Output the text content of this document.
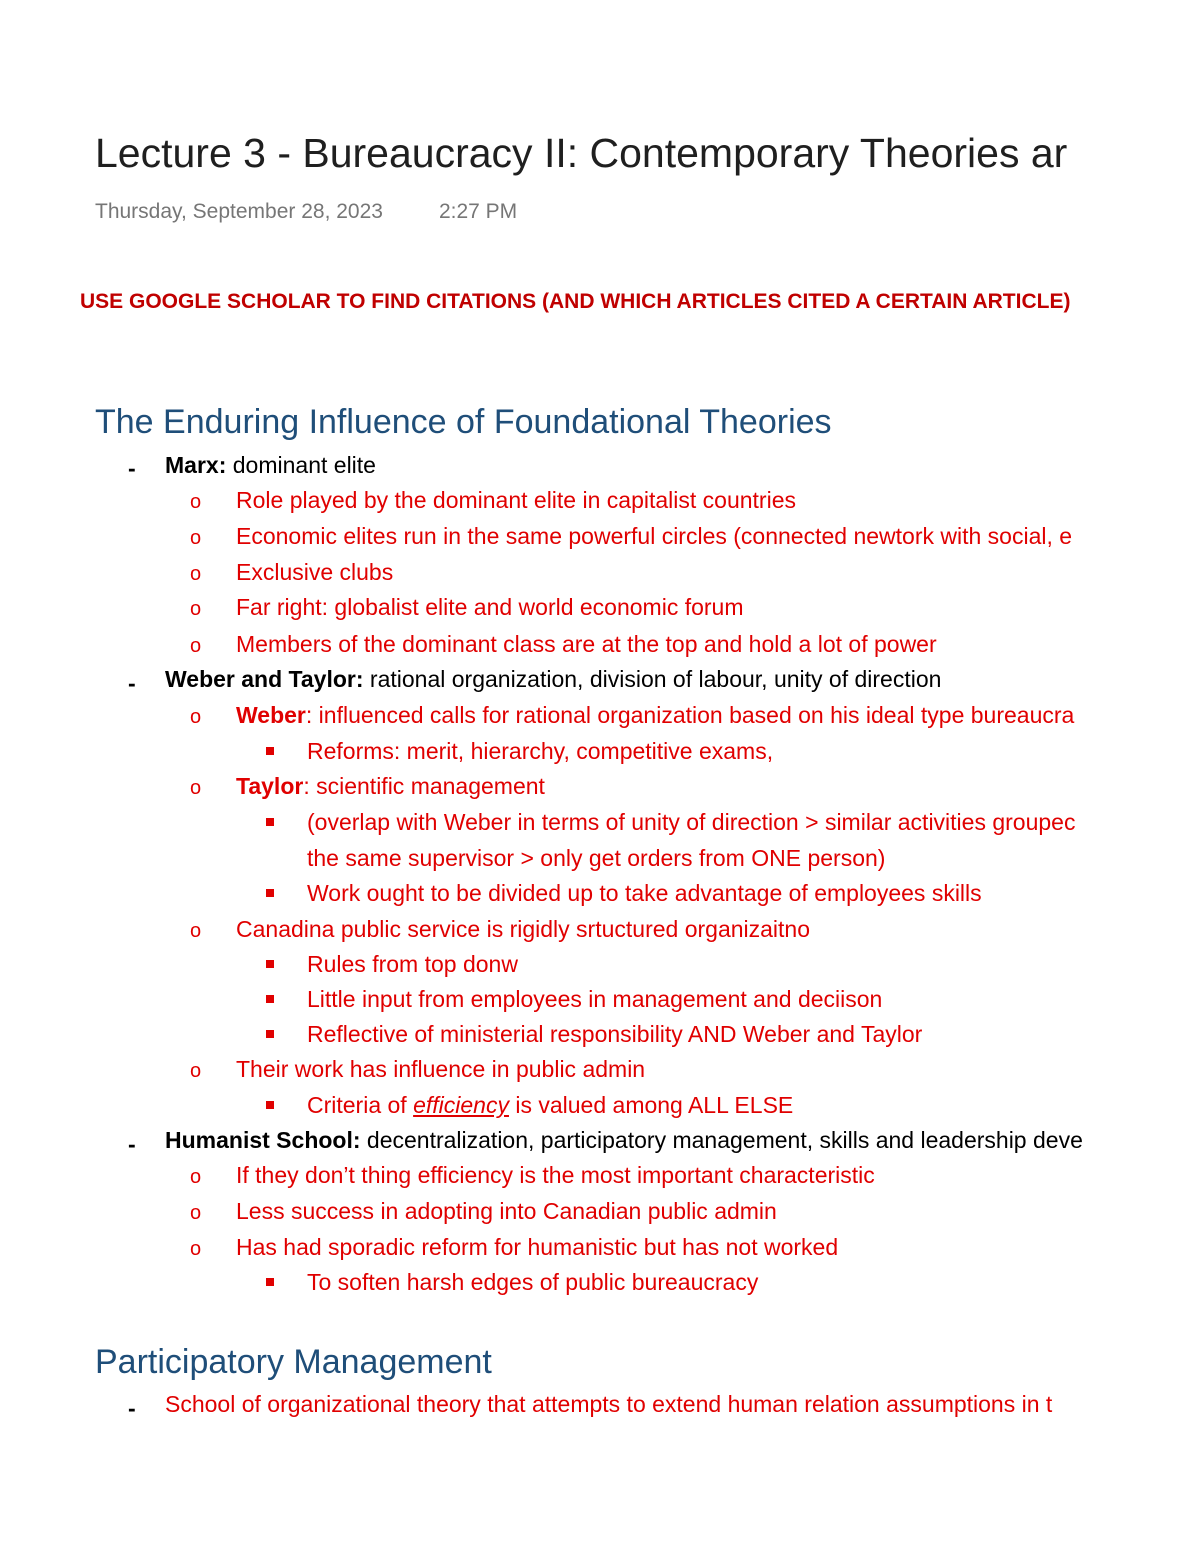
Lecture 3 - Bureaucracy II: Contemporary Theories ar
Thursday, September 28, 2023	2:27 PM
USE GOOGLE SCHOLAR TO FIND CITATIONS (AND WHICH ARTICLES CITED A CERTAIN ARTICLE)
The Enduring Influence of Foundational Theories
- Marx: dominant elite
o Role played by the dominant elite in capitalist countries
o Economic elites run in the same powerful circles (connected newtork with social, e
o Exclusive clubs
o Far right: globalist elite and world economic forum
o Members of the dominant class are at the top and hold a lot of power
- Weber and Taylor: rational organization, division of labour, unity of direction
o Weber: influenced calls for rational organization based on his ideal type bureaucra
Reforms: merit, hierarchy, competitive exams,
o Taylor: scientific management
(overlap with Weber in terms of unity of direction > similar activities groupec
the same supervisor > only get orders from ONE person)
Work ought to be divided up to take advantage of employees skills
o Canadina public service is rigidly srtuctured organizaitno
Rules from top donw
Little input from employees in management and deciison
Reflective of ministerial responsibility AND Weber and Taylor
o Their work has influence in public admin
Criteria of efficiency is valued among ALL ELSE
- Humanist School: decentralization, participatory management, skills and leadership deve
o If they don’t thing efficiency is the most important characteristic
o Less success in adopting into Canadian public admin
o Has had sporadic reform for humanistic but has not worked
To soften harsh edges of public bureaucracy
Participatory Management
- School of organizational theory that attempts to extend human relation assumptions in t
